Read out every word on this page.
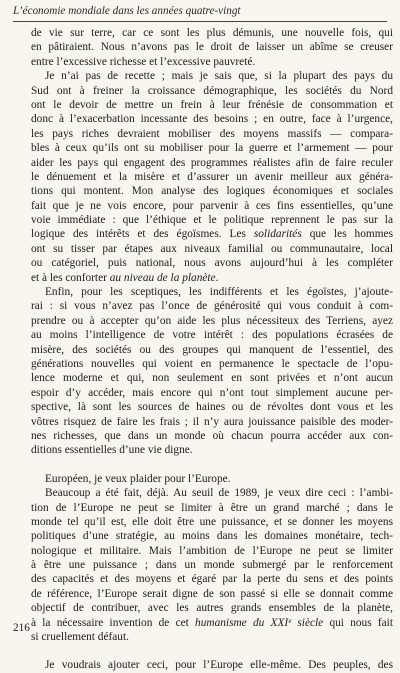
L’économie mondiale dans les années quatre-vingt
de vie sur terre, car ce sont les plus démunis, une nouvelle fois, qui
en pâtiraient. Nous n’avons pas le droit de laisser un abîme se creuser
entre l’excessive richesse et l’excessive pauvreté.
Je n’ai pas de recette ; mais je sais que, si la plupart des pays du
Sud ont à freiner la croissance démographique, les sociétés du Nord
ont le devoir de mettre un frein à leur frénésie de consommation et
donc à l’exacerbation incessante des besoins ; en outre, face à l’urgence,
les pays riches devraient mobiliser des moyens massifs — compara-
bles à ceux qu’ils ont su mobiliser pour la guerre et l’armement — pour
aider les pays qui engagent des programmes réalistes afin de faire reculer
le dénuement et la misère et d’assurer un avenir meilleur aux généra-
tions qui montent. Mon analyse des logiques économiques et sociales
fait que je ne vois encore, pour parvenir à ces fins essentielles, qu’une
voie immédiate : que l’éthique et le politique reprennent le pas sur la
logique des intérêts et des égoïsmes. Les solidarités que les hommes
ont su tisser par étapes aux niveaux familial ou communautaire, local
ou catégoriel, puis national, nous avons aujourd’hui à les compléter
et à les conforter au niveau de la planète.
Enfin, pour les sceptiques, les indifférents et les égoïstes, j’ajoute-
rai : si vous n’avez pas l’once de générosité qui vous conduit à com-
prendre ou à accepter qu’on aide les plus nécessiteux des Terriens, ayez
au moins l’intelligence de votre intérêt : des populations écrasées de
misère, des sociétés ou des groupes qui manquent de l’essentiel, des
générations nouvelles qui voient en permanence le spectacle de l’opu-
lence moderne et qui, non seulement en sont privées et n’ont aucun
espoir d’y accéder, mais encore qui n’ont tout simplement aucune per-
spective, là sont les sources de haines ou de révoltes dont vous et les
vôtres risquez de faire les frais ; il n’y aura jouissance paisible des moder-
nes richesses, que dans un monde où chacun pourra accéder aux con-
ditions essentielles d’une vie digne.
Européen, je veux plaider pour l’Europe.
Beaucoup a été fait, déjà. Au seuil de 1989, je veux dire ceci : l’ambi-
tion de l’Europe ne peut se limiter à être un grand marché ; dans le
monde tel qu’il est, elle doit être une puissance, et se donner les moyens
politiques d’une stratégie, au moins dans les domaines monétaire, tech-
nologique et militaire. Mais l’ambition de l’Europe ne peut se limiter
à être une puissance ; dans un monde submergé par le renforcement
des capacités et des moyens et égaré par la perte du sens et des points
de référence, l’Europe serait digne de son passé si elle se donnait comme
objectif de contribuer, avec les autres grands ensembles de la planète,
à la nécessaire invention de cet humanisme du XXIᵉ siècle qui nous fait
si cruellement défaut.
Je voudrais ajouter ceci, pour l’Europe elle-même. Des peuples, des
216
